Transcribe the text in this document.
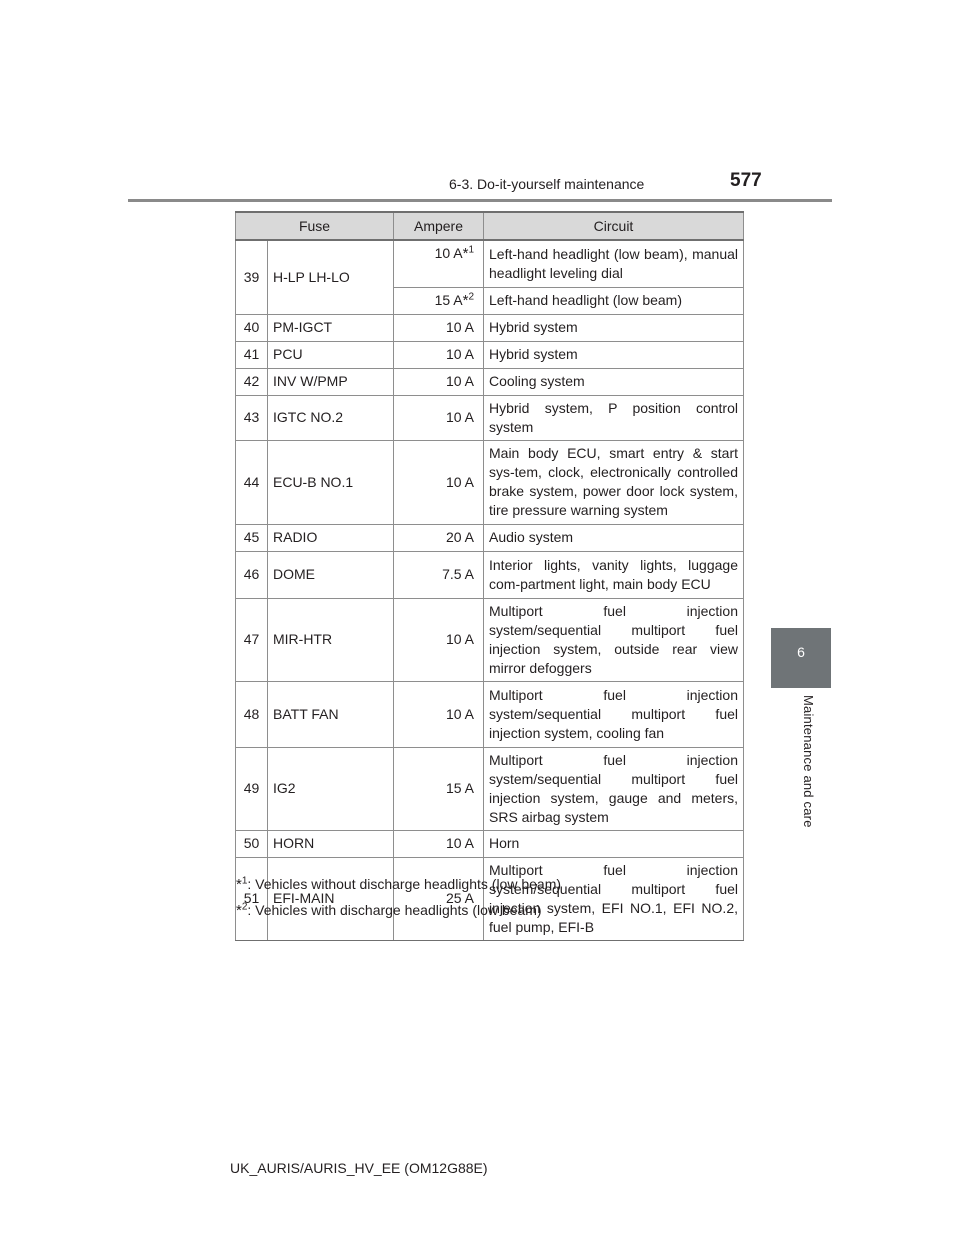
6-3. Do-it-yourself maintenance	577
6
Maintenance and care
Fuse		Ampere	Circuit
39	H-LP LH-LO	10 A*$^1$	Left-hand headlight (low beam), manual headlight leveling dial
		15 A*$^2$	Left-hand headlight (low beam)
40	PM-IGCT	10 A	Hybrid system
41	PCU	10 A	Hybrid system
42	INV W/PMP	10 A	Cooling system
43	IGTC NO.2	10 A	Hybrid system, P position control system
44	ECU-B NO.1	10 A	Main body ECU, smart entry & start sys-tem, clock, electronically controlled brake system, power door lock system, tire pressure warning system
45	RADIO	20 A	Audio system
46	DOME	7.5 A	Interior lights, vanity lights, luggage com-partment light, main body ECU
47	MIR-HTR	10 A	Multiport fuel injection system/sequential multiport fuel injection system, outside rear view mirror defoggers
48	BATT FAN	10 A	Multiport fuel injection system/sequential multiport fuel injection system, cooling fan
49	IG2	15 A	Multiport fuel injection system/sequential multiport fuel injection system, gauge and meters, SRS airbag system
50	HORN	10 A	Horn
51	EFI-MAIN	25 A	Multiport fuel injection system/sequential multiport fuel injection system, EFI NO.1, EFI NO.2, fuel pump, EFI-B
*$^1$: Vehicles without discharge headlights (low beam)
*$^2$: Vehicles with discharge headlights (low beam)
UK_AURIS/AURIS_HV_EE (OM12G88E)
